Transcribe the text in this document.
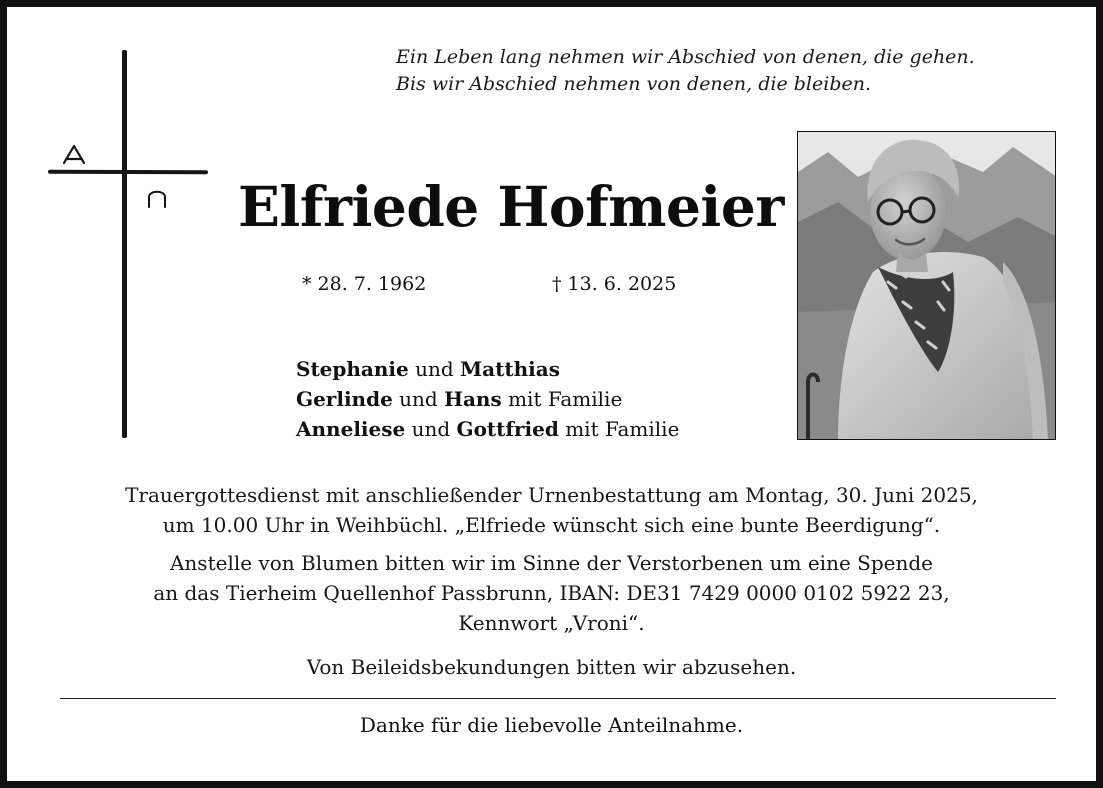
Ein Leben lang nehmen wir Abschied von denen, die gehen.
Bis wir Abschied nehmen von denen, die bleiben.
Elfriede Hofmeier
* 28. 7. 1962	† 13. 6. 2025
Stephanie und Matthias
Gerlinde und Hans mit Familie
Anneliese und Gottfried mit Familie
Trauergottesdienst mit anschließender Urnenbestattung am Montag, 30. Juni 2025,
um 10.00 Uhr in Weihbüchl. „Elfriede wünscht sich eine bunte Beerdigung“.
Anstelle von Blumen bitten wir im Sinne der Verstorbenen um eine Spende
an das Tierheim Quellenhof Passbrunn, IBAN: DE31 7429 0000 0102 5922 23,
Kennwort „Vroni“.
Von Beileidsbekundungen bitten wir abzusehen.
Danke für die liebevolle Anteilnahme.
